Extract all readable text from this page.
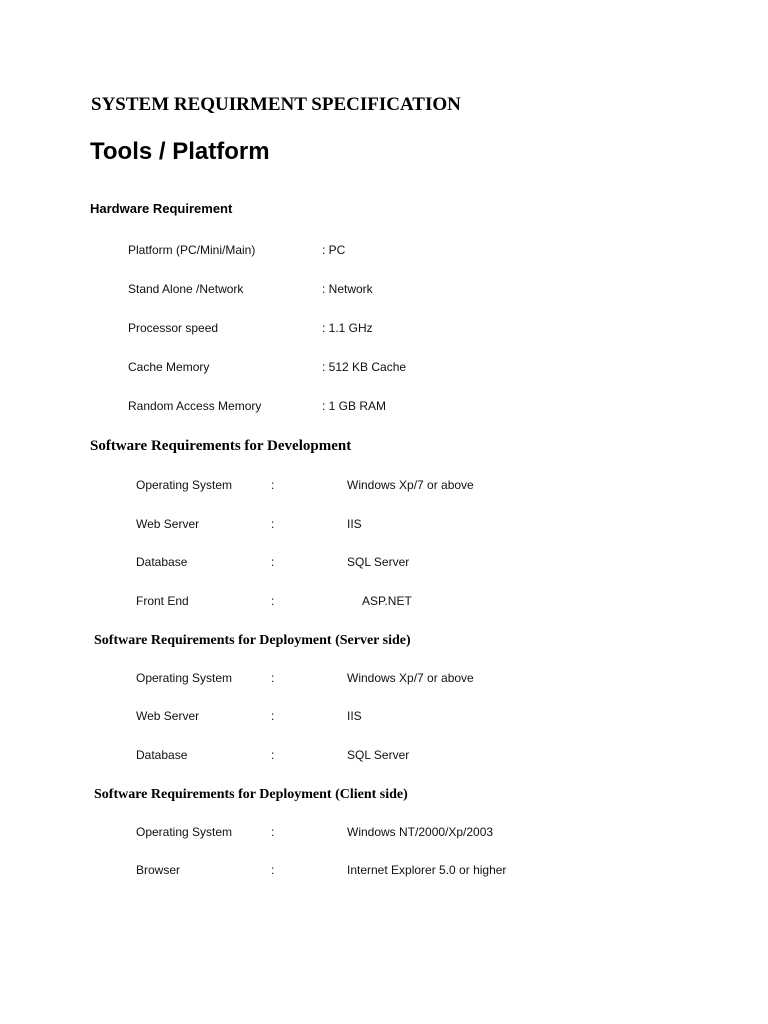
SYSTEM REQUIRMENT SPECIFICATION
Tools / Platform
Hardware Requirement
Platform (PC/Mini/Main)	: PC
Stand Alone /Network	: Network
Processor speed	: 1.1 GHz
Cache Memory	: 512 KB Cache
Random Access Memory	: 1 GB RAM
Software Requirements for Development
Operating System	:	Windows Xp/7 or above
Web Server	:	IIS
Database	:	SQL Server
Front End	:	ASP.NET
Software Requirements for Deployment (Server side)
Operating System	:	Windows Xp/7 or above
Web Server	:	IIS
Database	:	SQL Server
Software Requirements for Deployment (Client side)
Operating System	:	Windows NT/2000/Xp/2003
Browser	:	Internet Explorer 5.0 or higher
